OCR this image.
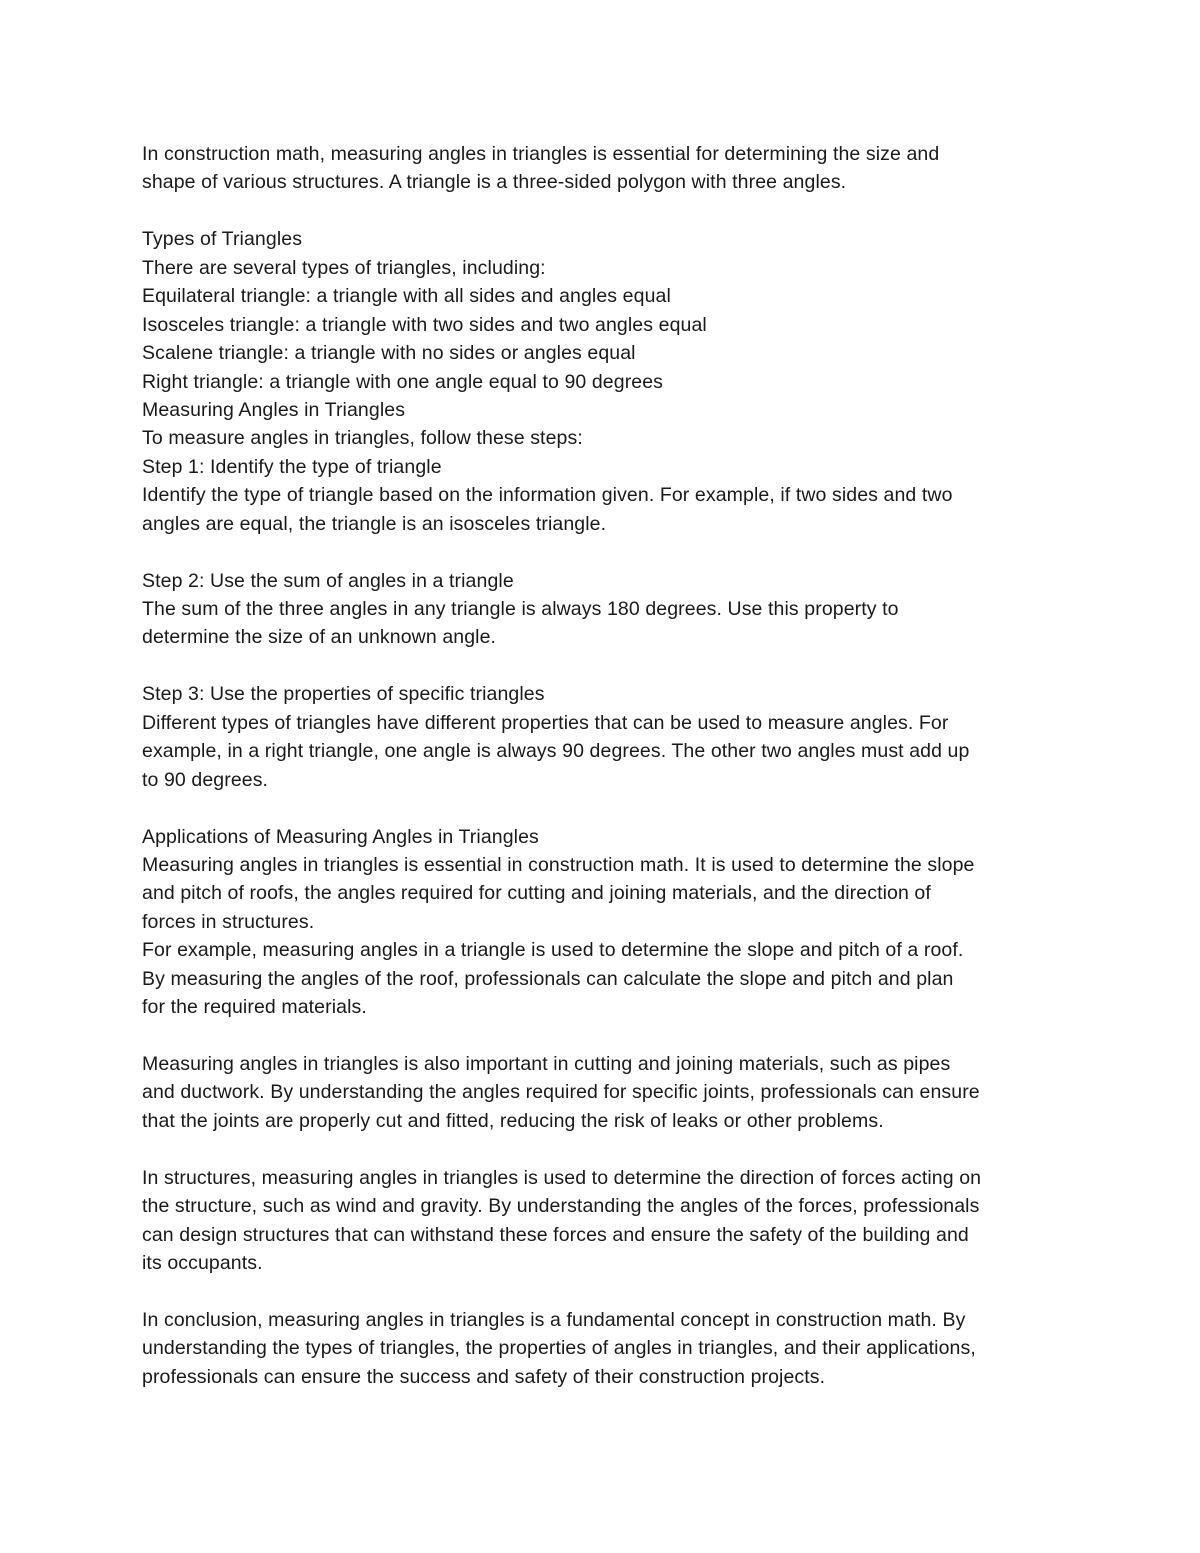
In construction math, measuring angles in triangles is essential for determining the size and
shape of various structures. A triangle is a three-sided polygon with three angles.
Types of Triangles
There are several types of triangles, including:
Equilateral triangle: a triangle with all sides and angles equal
Isosceles triangle: a triangle with two sides and two angles equal
Scalene triangle: a triangle with no sides or angles equal
Right triangle: a triangle with one angle equal to 90 degrees
Measuring Angles in Triangles
To measure angles in triangles, follow these steps:
Step 1: Identify the type of triangle
Identify the type of triangle based on the information given. For example, if two sides and two
angles are equal, the triangle is an isosceles triangle.
Step 2: Use the sum of angles in a triangle
The sum of the three angles in any triangle is always 180 degrees. Use this property to
determine the size of an unknown angle.
Step 3: Use the properties of specific triangles
Different types of triangles have different properties that can be used to measure angles. For
example, in a right triangle, one angle is always 90 degrees. The other two angles must add up
to 90 degrees.
Applications of Measuring Angles in Triangles
Measuring angles in triangles is essential in construction math. It is used to determine the slope
and pitch of roofs, the angles required for cutting and joining materials, and the direction of
forces in structures.
For example, measuring angles in a triangle is used to determine the slope and pitch of a roof.
By measuring the angles of the roof, professionals can calculate the slope and pitch and plan
for the required materials.
Measuring angles in triangles is also important in cutting and joining materials, such as pipes
and ductwork. By understanding the angles required for specific joints, professionals can ensure
that the joints are properly cut and fitted, reducing the risk of leaks or other problems.
In structures, measuring angles in triangles is used to determine the direction of forces acting on
the structure, such as wind and gravity. By understanding the angles of the forces, professionals
can design structures that can withstand these forces and ensure the safety of the building and
its occupants.
In conclusion, measuring angles in triangles is a fundamental concept in construction math. By
understanding the types of triangles, the properties of angles in triangles, and their applications,
professionals can ensure the success and safety of their construction projects.
